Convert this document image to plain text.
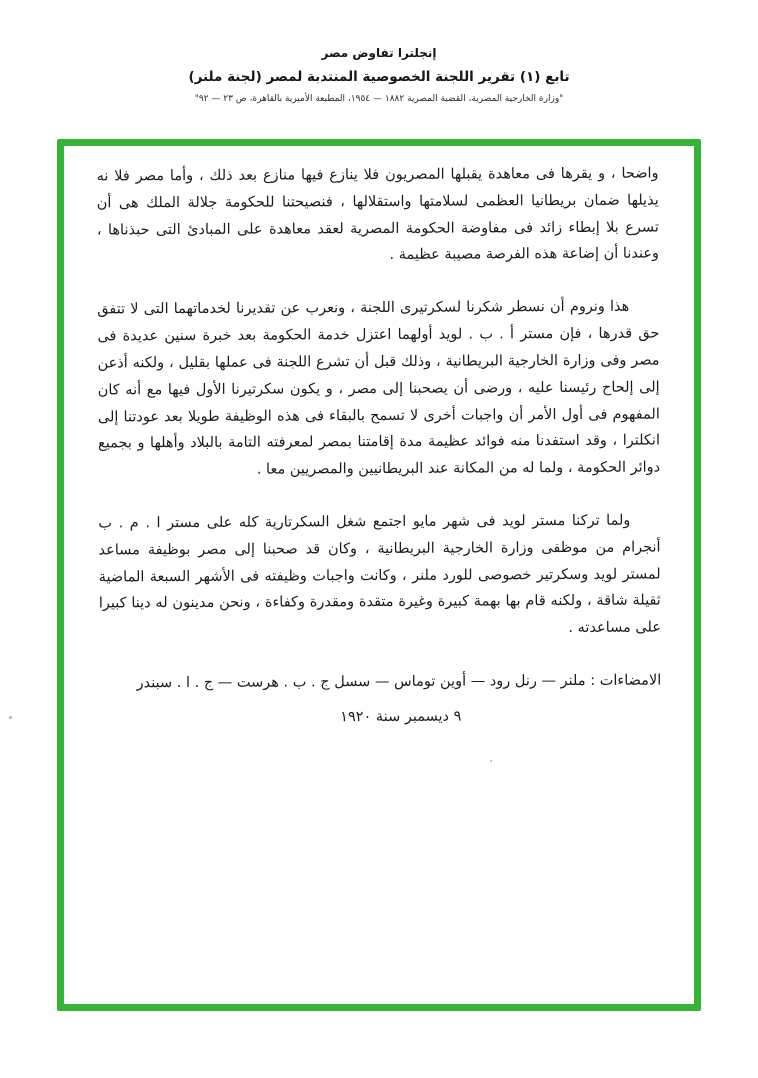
إنجلترا تفاوض مصر
تابع (١) تقرير اللجنة الخصوصية المنتدبة لمصر (لجنة ملنر)
"وزارة الخارجية المصرية، القضية المصرية ١٨٨٢ — ١٩٥٤، المطبعة الأميرية بالقاهرة، ص ٢٣ — ٩٢"

واضحا ، و يقرها فى معاهدة يقبلها المصريون فلا ينازع فيها منازع بعد ذلك ، وأما مصر فلا نه يذيلها ضمان بريطانيا العظمى لسلامتها واستقلالها ، فنصيحتنا للحكومة جلالة الملك هى أن تسرع بلا إبطاء زائد فى مفاوضة الحكومة المصرية لعقد معاهدة على المبادئ التى حبذناها ، وعندنا أن إضاعة هذه الفرصة مصيبة عظيمة .

هذا ونروم أن نسطر شكرنا لسكرتيرى اللجنة ، ونعرب عن تقديرنا لخدماتهما التى لا تتفق حق قدرها ، فإن مستر أ . ب . لويد أولهما اعتزل خدمة الحكومة بعد خبرة سنين عديدة فى مصر وفى وزارة الخارجية البريطانية ، وذلك قبل أن تشرع اللجنة فى عملها بقليل ، ولكنه أذعن إلى إلحاح رئيسنا عليه ، ورضى أن يصحبنا إلى مصر ، و يكون سكرتيرنا الأول فيها مع أنه كان المفهوم فى أول الأمر أن واجبات أخرى لا تسمح بالبقاء فى هذه الوظيفة طويلا بعد عودتنا إلى انكلترا ، وقد استفدنا منه فوائد عظيمة مدة إقامتنا بمصر لمعرفته التامة بالبلاد وأهلها و بجميع دوائر الحكومة ، ولما له من المكانة عند البريطانيين والمصريين معا .

ولما تركنا مستر لويد فى شهر مايو اجتمع شغل السكرتارية كله على مستر ا . م . ب أنجرام من موظفى وزارة الخارجية البريطانية ، وكان قد صحبنا إلى مصر بوظيفة مساعد لمستر لويد وسكرتير خصوصى للورد ملنر ، وكانت واجبات وظيفته فى الأشهر السبعة الماضية ثقيلة شاقة ، ولكنه قام بها بهمة كبيرة وغيرة متقدة ومقدرة وكفاءة ، ونحن مدينون له دينا كبيرا على مساعدته .

الامضاءات : ملنر — رنل رود — أوين توماس — سسل ج . ب . هرست — ج . ا . سبندر

٩ ديسمبر سنة ١٩٢٠
